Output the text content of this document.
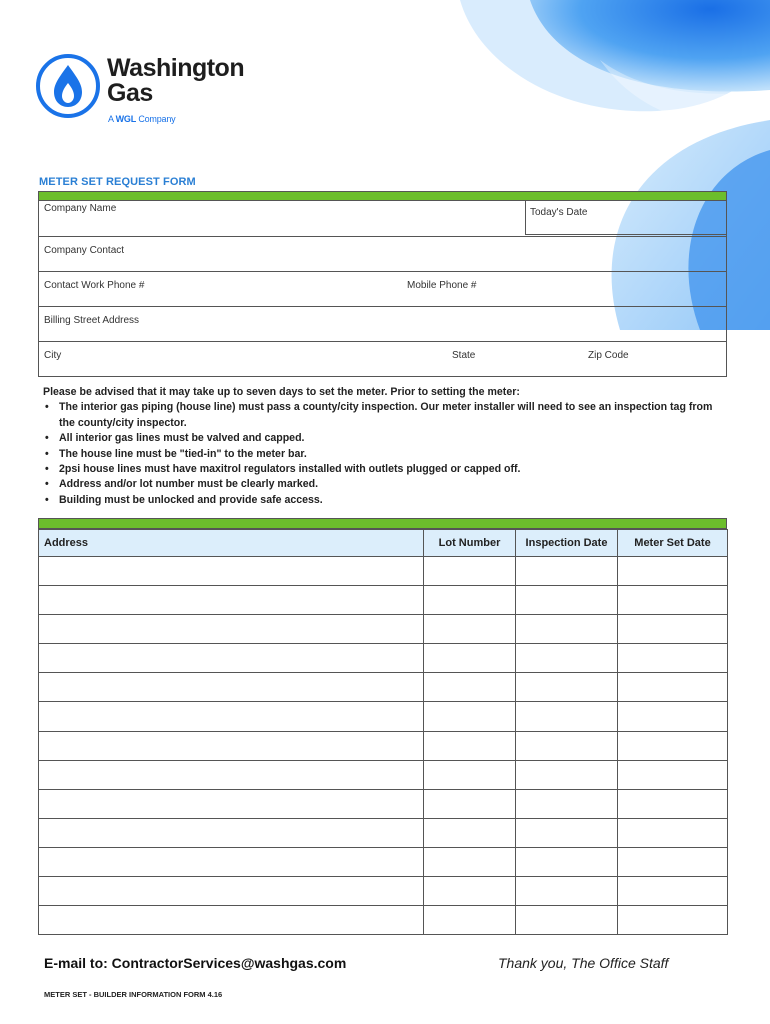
Washington
Gas
A WGL Company
METER SET REQUEST FORM
Company Name	Today's Date
Company Contact
Contact Work Phone #	Mobile Phone #
Billing Street Address
City	State	Zip Code
Please be advised that it may take up to seven days to set the meter. Prior to setting the meter:
• The interior gas piping (house line) must pass a county/city inspection. Our meter installer will need to see an inspection tag from the county/city inspector.
• All interior gas lines must be valved and capped.
• The house line must be "tied-in" to the meter bar.
• 2psi house lines must have maxitrol regulators installed with outlets plugged or capped off.
• Address and/or lot number must be clearly marked.
• Building must be unlocked and provide safe access.
Address	Lot Number	Inspection Date	Meter Set Date

E-mail to: ContractorServices@washgas.com	Thank you, The Office Staff
METER SET - BUILDER INFORMATION FORM 4.16
